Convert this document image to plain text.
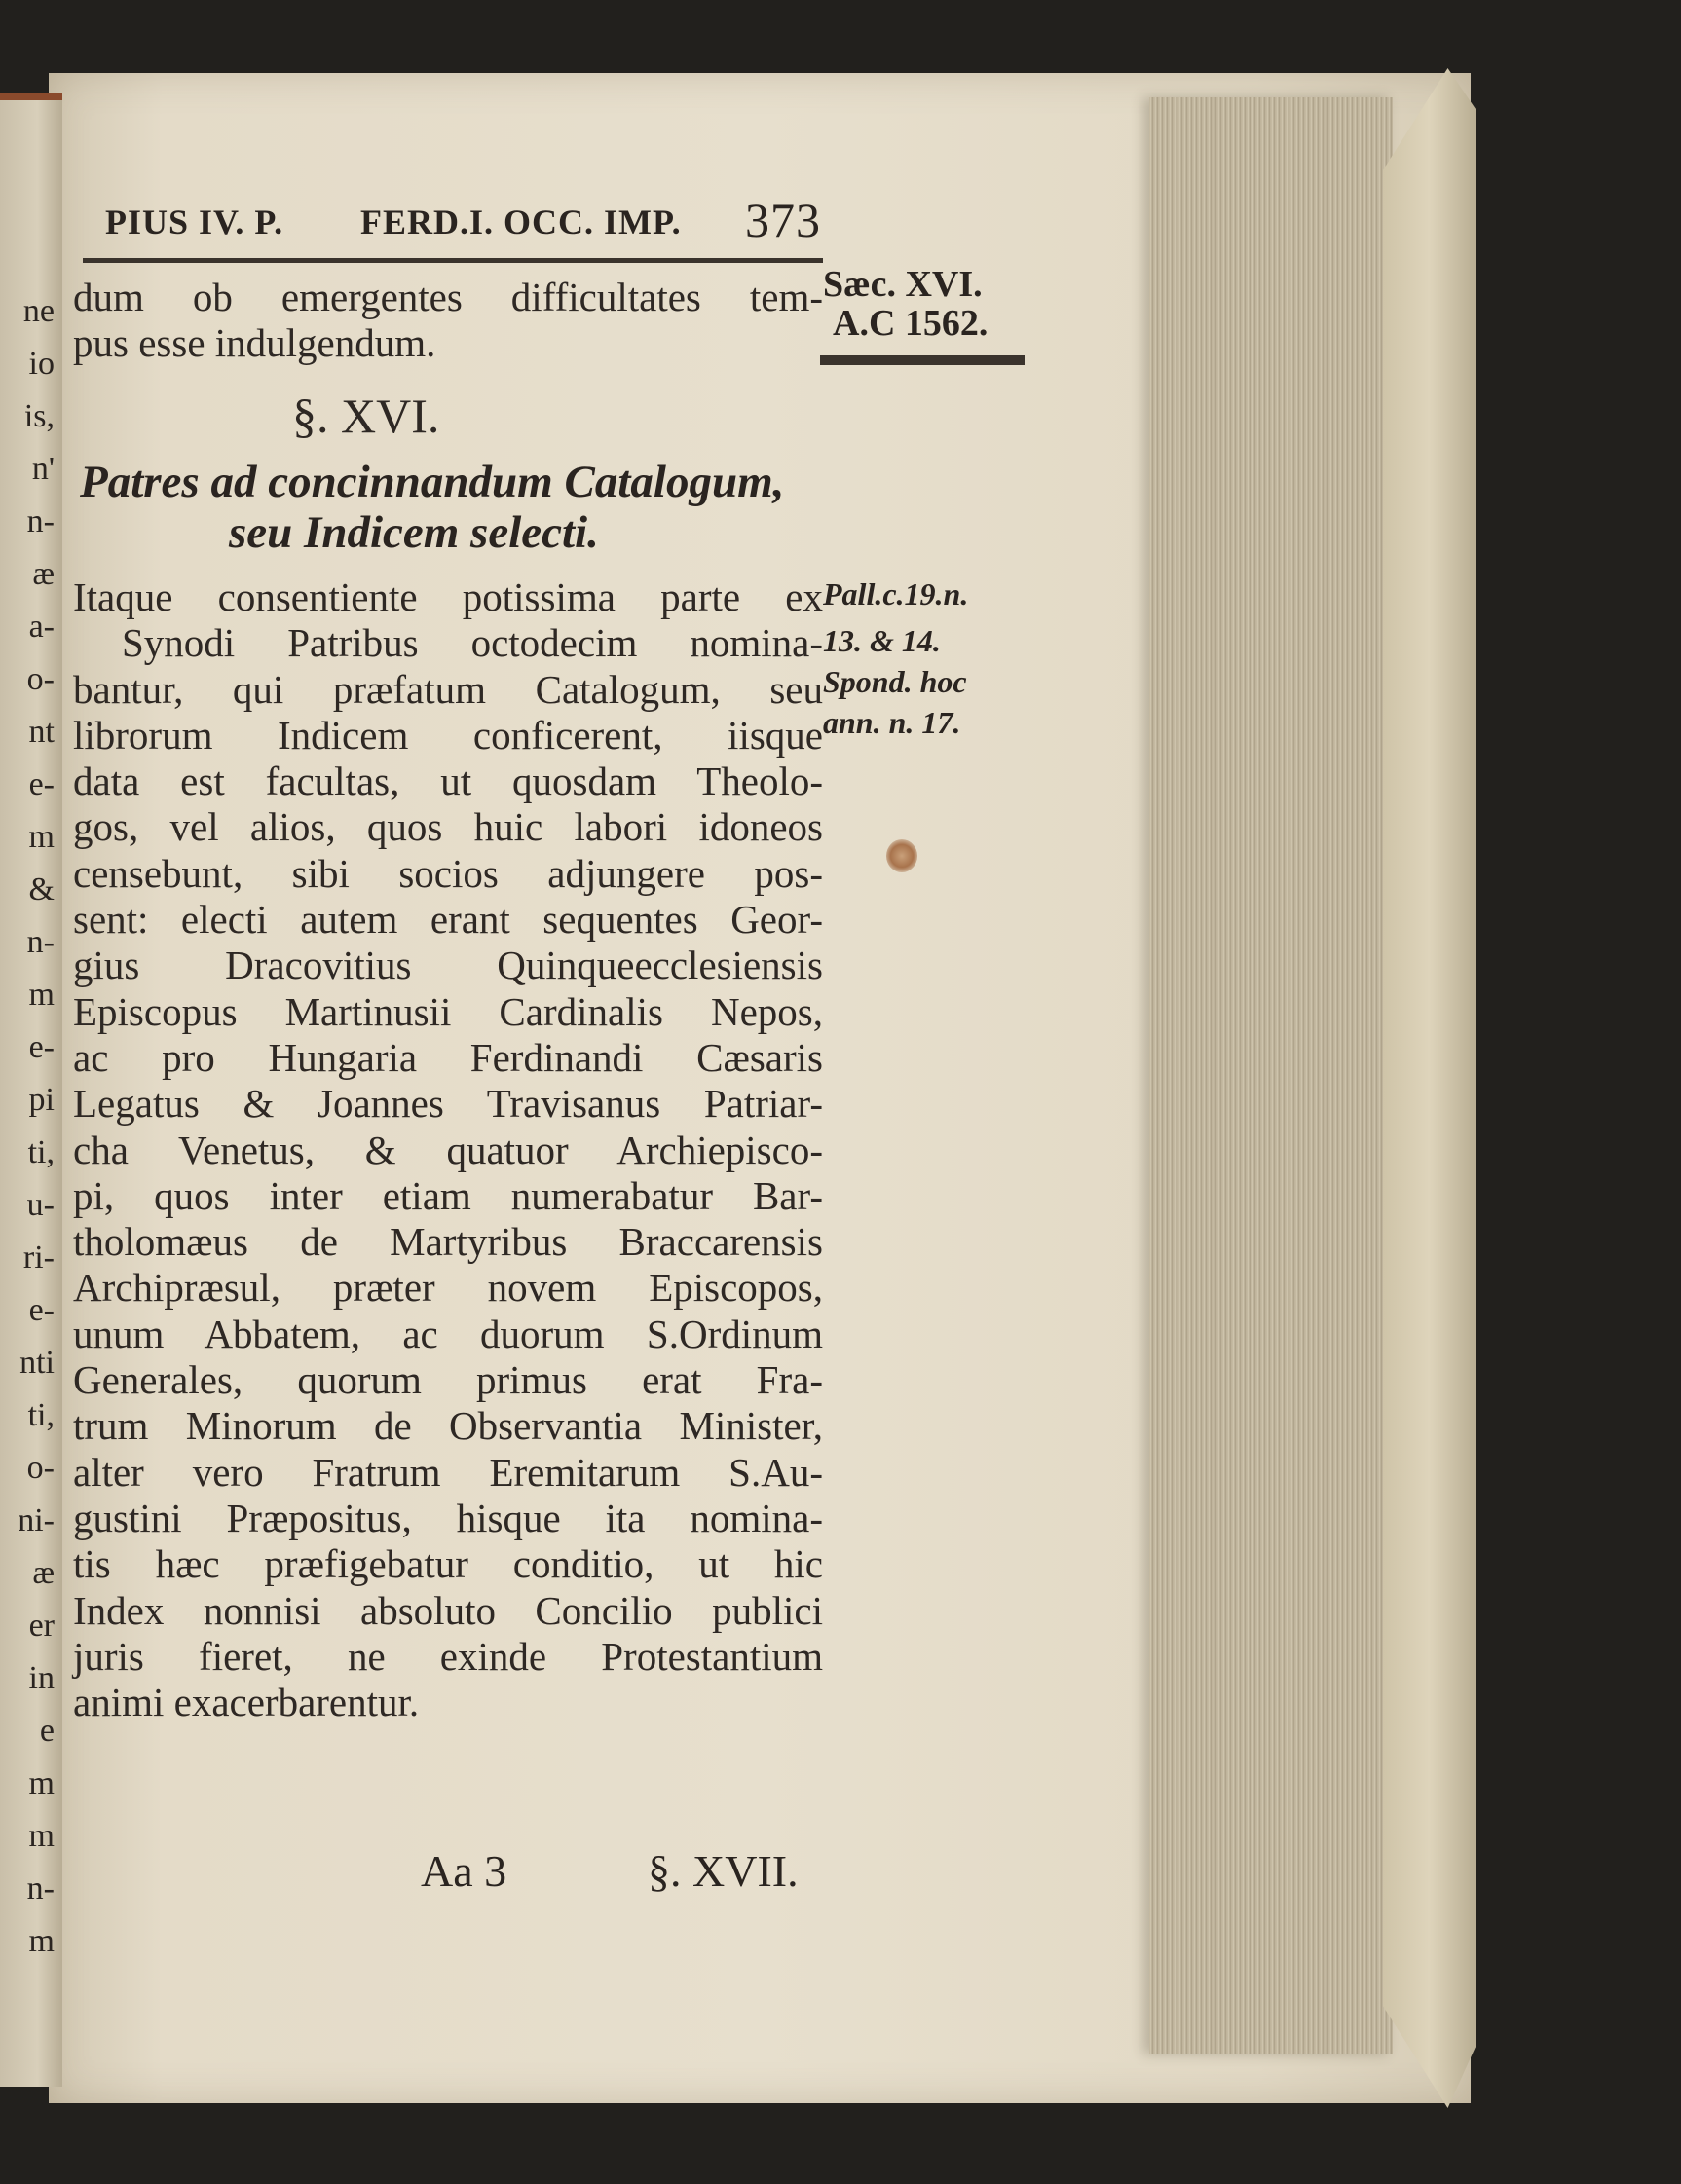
ne
io
is,
n'
n-
æ
a-
o-
nt
e-
m
&
n-
m
e-
pi
ti,
u-
ri-
e-
nti
ti,
o-
ni-
æ
er
in
e
m
m
n-
m
PIUS IV. P. FERD.I. OCC. IMP. 373
Sæc. XVI.
A.C 1562.
dum ob emergentes difficultates tem-
pus esse indulgendum.
§. XVI.
Patres ad concinnandum Catalogum,
seu Indicem selecti.
Itaque consentiente potissima parte ex
Synodi Patribus octodecim nomina-
bantur, qui præfatum Catalogum, seu
librorum Indicem conficerent, iisque
data est facultas, ut quosdam Theolo-
gos, vel alios, quos huic labori idoneos
censebunt, sibi socios adjungere pos-
sent: electi autem erant sequentes Geor-
gius Dracovitius Quinqueecclesiensis
Episcopus Martinusii Cardinalis Nepos,
ac pro Hungaria Ferdinandi Cæsaris
Legatus & Joannes Travisanus Patriar-
cha Venetus, & quatuor Archiepisco-
pi, quos inter etiam numerabatur Bar-
tholomæus de Martyribus Braccarensis
Archipræsul, præter novem Episcopos,
unum Abbatem, ac duorum S.Ordinum
Generales, quorum primus erat Fra-
trum Minorum de Observantia Minister,
alter vero Fratrum Eremitarum S.Au-
gustini Præpositus, hisque ita nomina-
tis hæc præfigebatur conditio, ut hic
Index nonnisi absoluto Concilio publici
juris fieret, ne exinde Protestantium
animi exacerbarentur.
Pall.c.19.n.
13. & 14.
Spond. hoc
ann. n. 17.
Aa 3	§. XVII.
